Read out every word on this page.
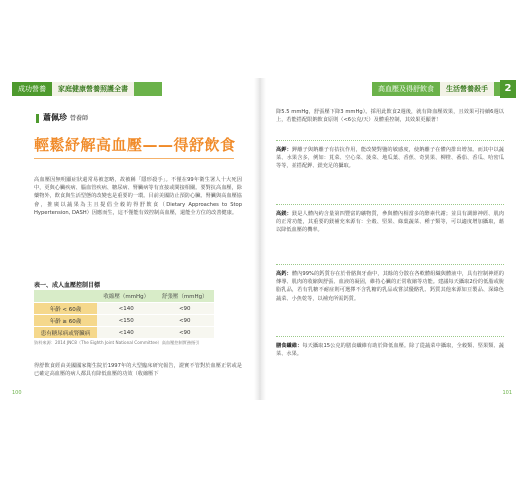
成功營養 家庭健康營養照護全書
蕭佩珍 營養師
輕鬆紓解高血壓——得舒飲食
高血壓因無明顯症狀還常易被忽略，故被稱「隱形殺手」。不僅在99年衛生署人十大死因中，更與心臟疾病、腦血管疾病、糖尿病、腎臟病等有直接或間接相關。要對抗高血壓，除藥物外，飲食與生活型態的改變也是重要的一環。目前美國防止預防心臟、腎臟與高血壓協會，推廣以蔬果為主且提倡全穀的得舒飲食（Dietary Approaches to Stop Hypertension, DASH）因應而生，這不僅能有效控制高血壓，還能全方位的改善健康。
表一、成人血壓控制目標
	收縮壓（mmHg）	舒張壓（mmHg）
年齡 < 60歲	<140	<90
年齡 ≥ 60歲	<150	<90
患有糖尿病或腎臟病	<140	<90
資料來源：2014 JNC8（The Eighth Joint National Committee）高血壓控制實務指引
得舒飲食經由美國國家衛生院於1997年的大型臨床研究報告，證實不管對於血壓正常或是已確定高血壓的病人都具有降低血壓的功效（收縮壓下
100
高血壓及得舒飲食 生活營養殺手	2
降5.5 mmHg，舒張壓下降3 mmHg）。採用此飲食2週後，就有降血壓效果，且效果可持續6週以上，若能搭配限鈉飲食原則（<6公克/天）及體重控制，其效果更顯著！
高鉀：鉀離子與鈉離子有拮抗作用，能改變對鹽的敏感度，使鈉離子在體內排出增加。而其中以蔬菜、水果含多，例如：莧菜、空心菜、菠菜、地瓜葉、香蕉、奇異果、柳橙、番茄、香瓜、哈密瓜等等，並搭配鉀、鎂充足的攝取。
高鎂：鎂是人體內約含量第四豐富的礦物質，參與體內相當多的酵素代謝；並具有調節神經、肌肉的正常功能，其重要的鎂補充來源有：全穀、堅果、綠葉蔬菜、種子類等，可以適度增加攝取，藉以降低血壓的機率。
高鈣：體內99%的鈣質存在於骨骼與牙齒中，其餘的分散在各軟體組織與體液中，具有控制神經的傳導、肌肉的收縮與舒張、血液的凝固，維持心臟的正常收縮等功能。建議每天攝取2份的低脂或脫脂乳品，若有乳糖不耐症則可選擇不含乳糖的乳品或嘗試優酪乳、鈣質其他來源如豆製品、深綠色蔬菜、小魚乾等，以補充所需鈣質。
膳食纖維：每天攝取15公克的膳食纖維有助於降低血壓。除了從蔬菜中攝取，全穀類、堅果類、蔬菜、水果。
101
